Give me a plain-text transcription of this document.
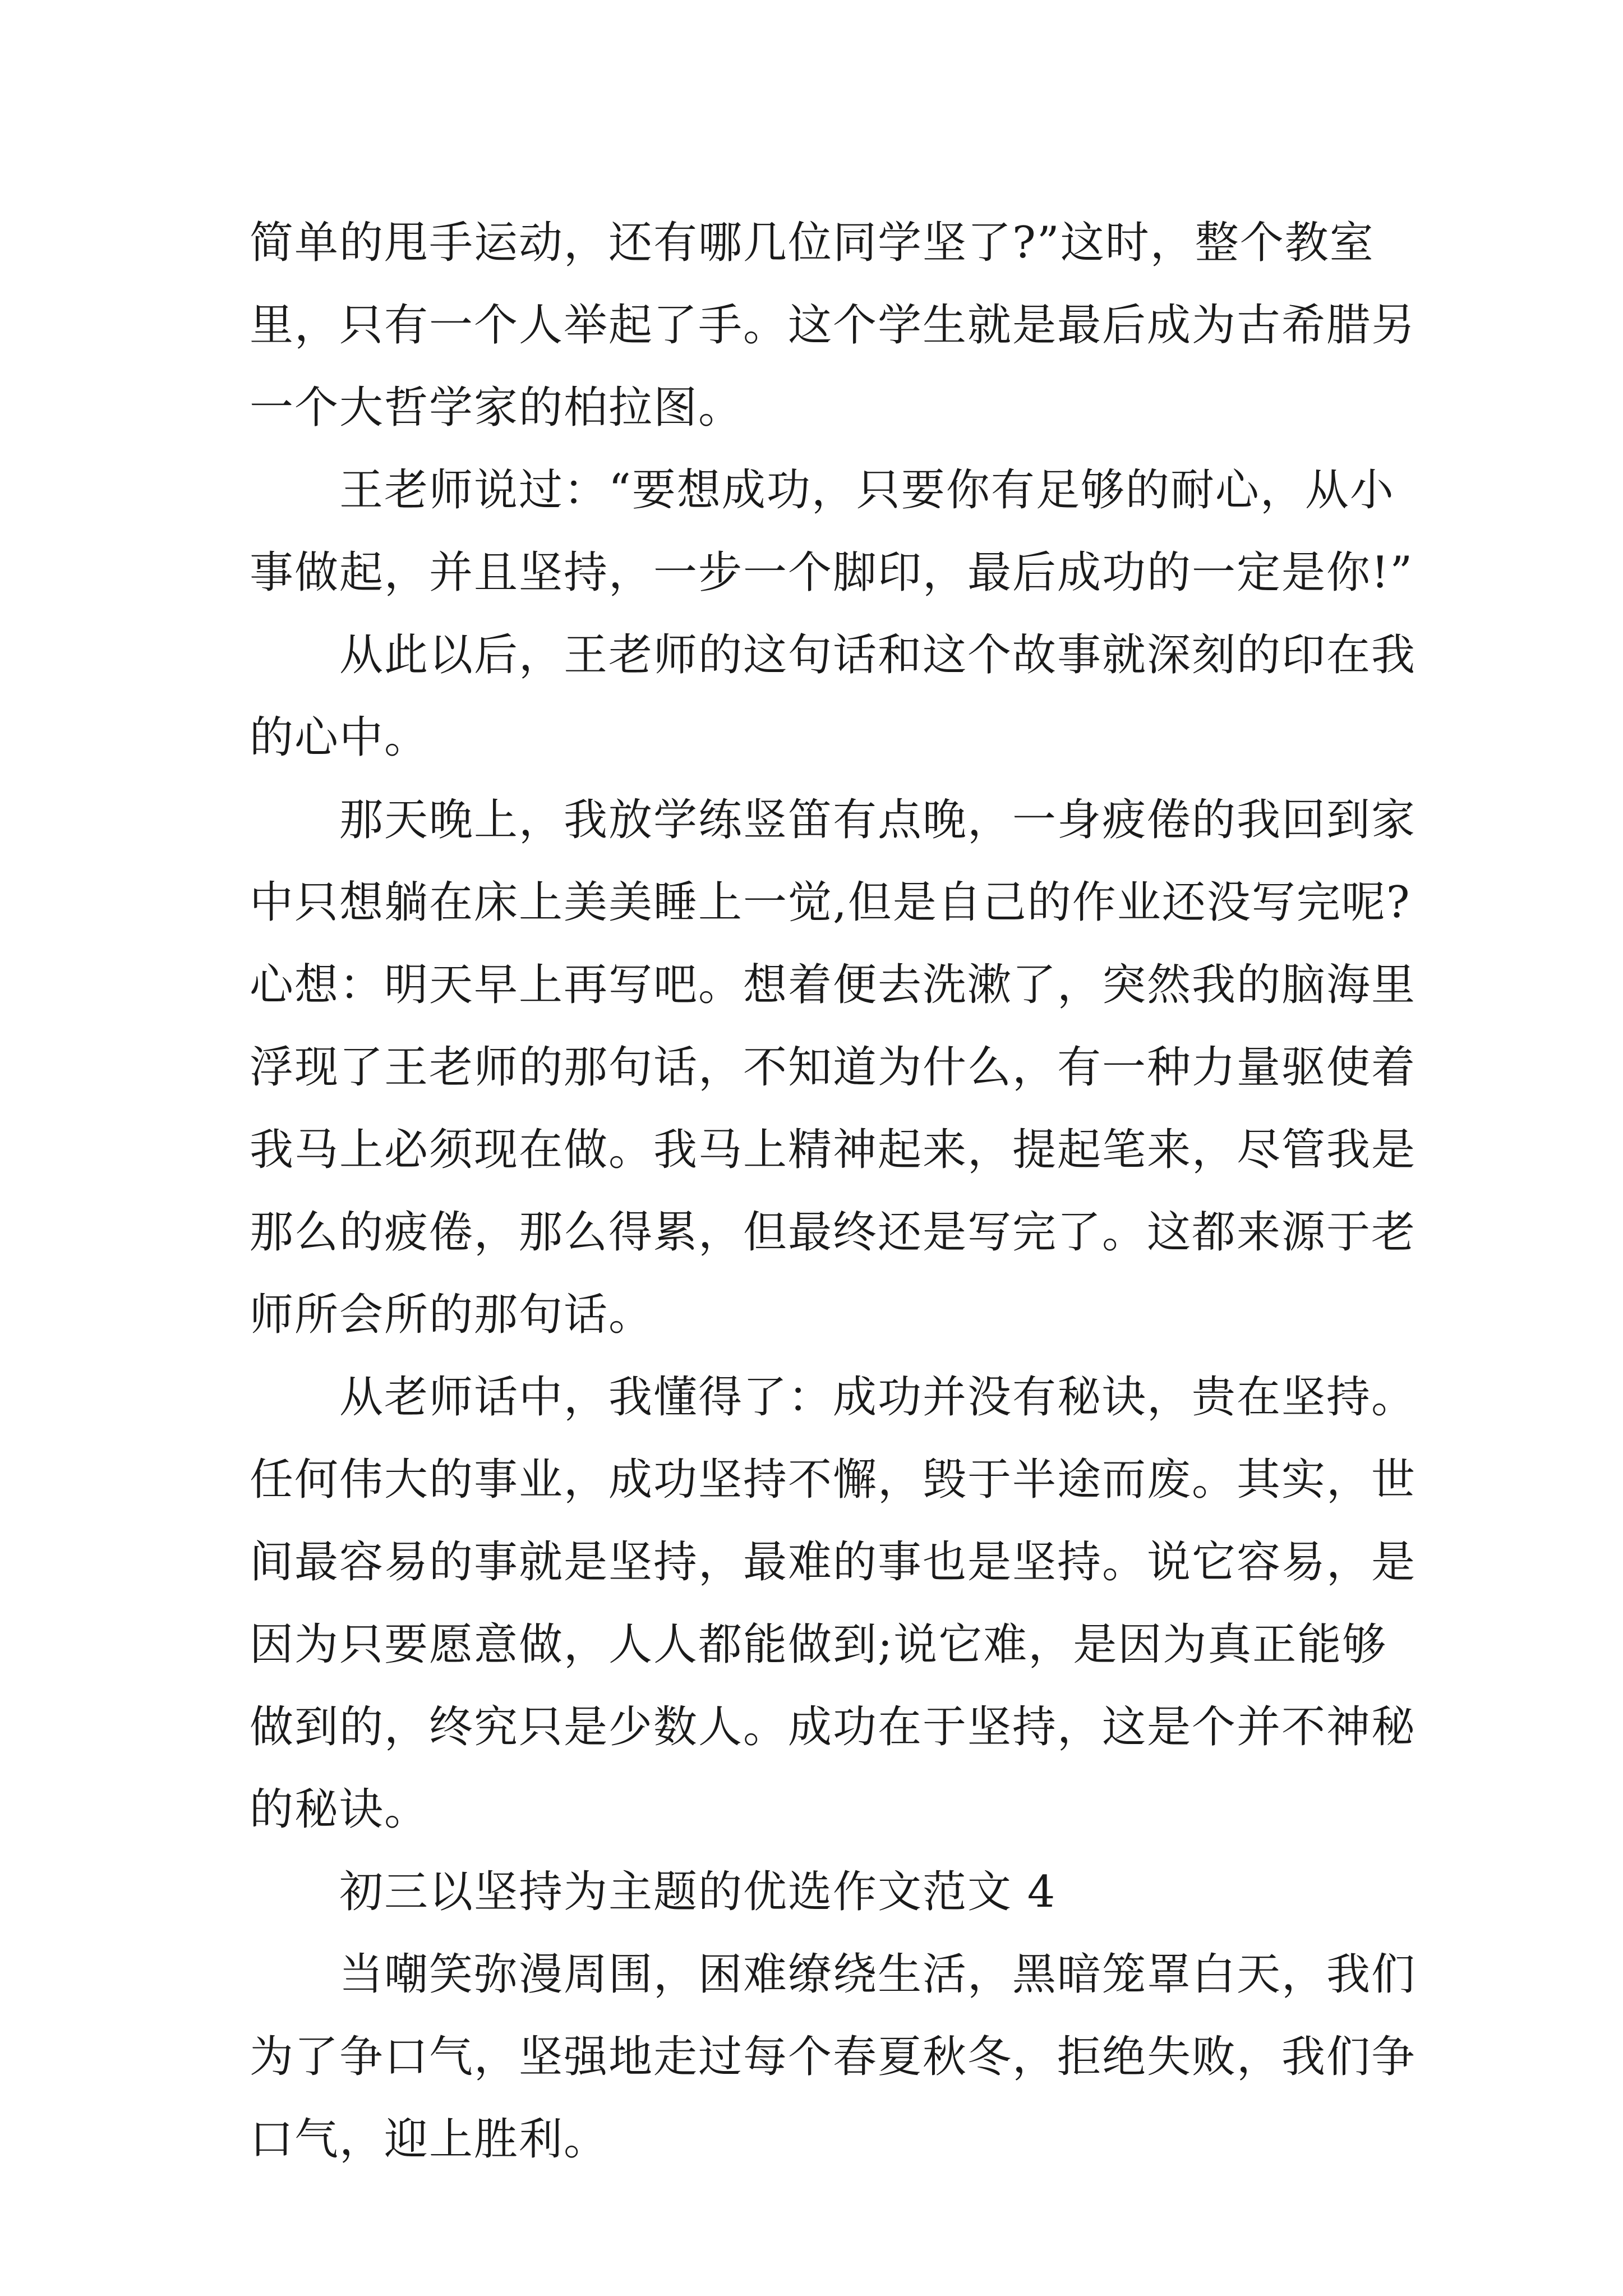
简单的甩手运动，还有哪几位同学坚了?”这时，整个教室
里，只有一个人举起了手。这个学生就是最后成为古希腊另
一个大哲学家的柏拉图。
王老师说过：“要想成功，只要你有足够的耐心，从小
事做起，并且坚持，一步一个脚印，最后成功的一定是你!”
从此以后，王老师的这句话和这个故事就深刻的印在我
的心中。
那天晚上，我放学练竖笛有点晚，一身疲倦的我回到家
中只想躺在床上美美睡上一觉,但是自己的作业还没写完呢?
心想：明天早上再写吧。想着便去洗漱了，突然我的脑海里
浮现了王老师的那句话，不知道为什么，有一种力量驱使着
我马上必须现在做。我马上精神起来，提起笔来，尽管我是
那么的疲倦，那么得累，但最终还是写完了。这都来源于老
师所会所的那句话。
从老师话中，我懂得了：成功并没有秘诀，贵在坚持。
任何伟大的事业，成功坚持不懈，毁于半途而废。其实，世
间最容易的事就是坚持，最难的事也是坚持。说它容易，是
因为只要愿意做，人人都能做到;说它难，是因为真正能够
做到的，终究只是少数人。成功在于坚持，这是个并不神秘
的秘诀。
初三以坚持为主题的优选作文范文 4
当嘲笑弥漫周围，困难缭绕生活，黑暗笼罩白天，我们
为了争口气，坚强地走过每个春夏秋冬，拒绝失败，我们争
口气，迎上胜利。
